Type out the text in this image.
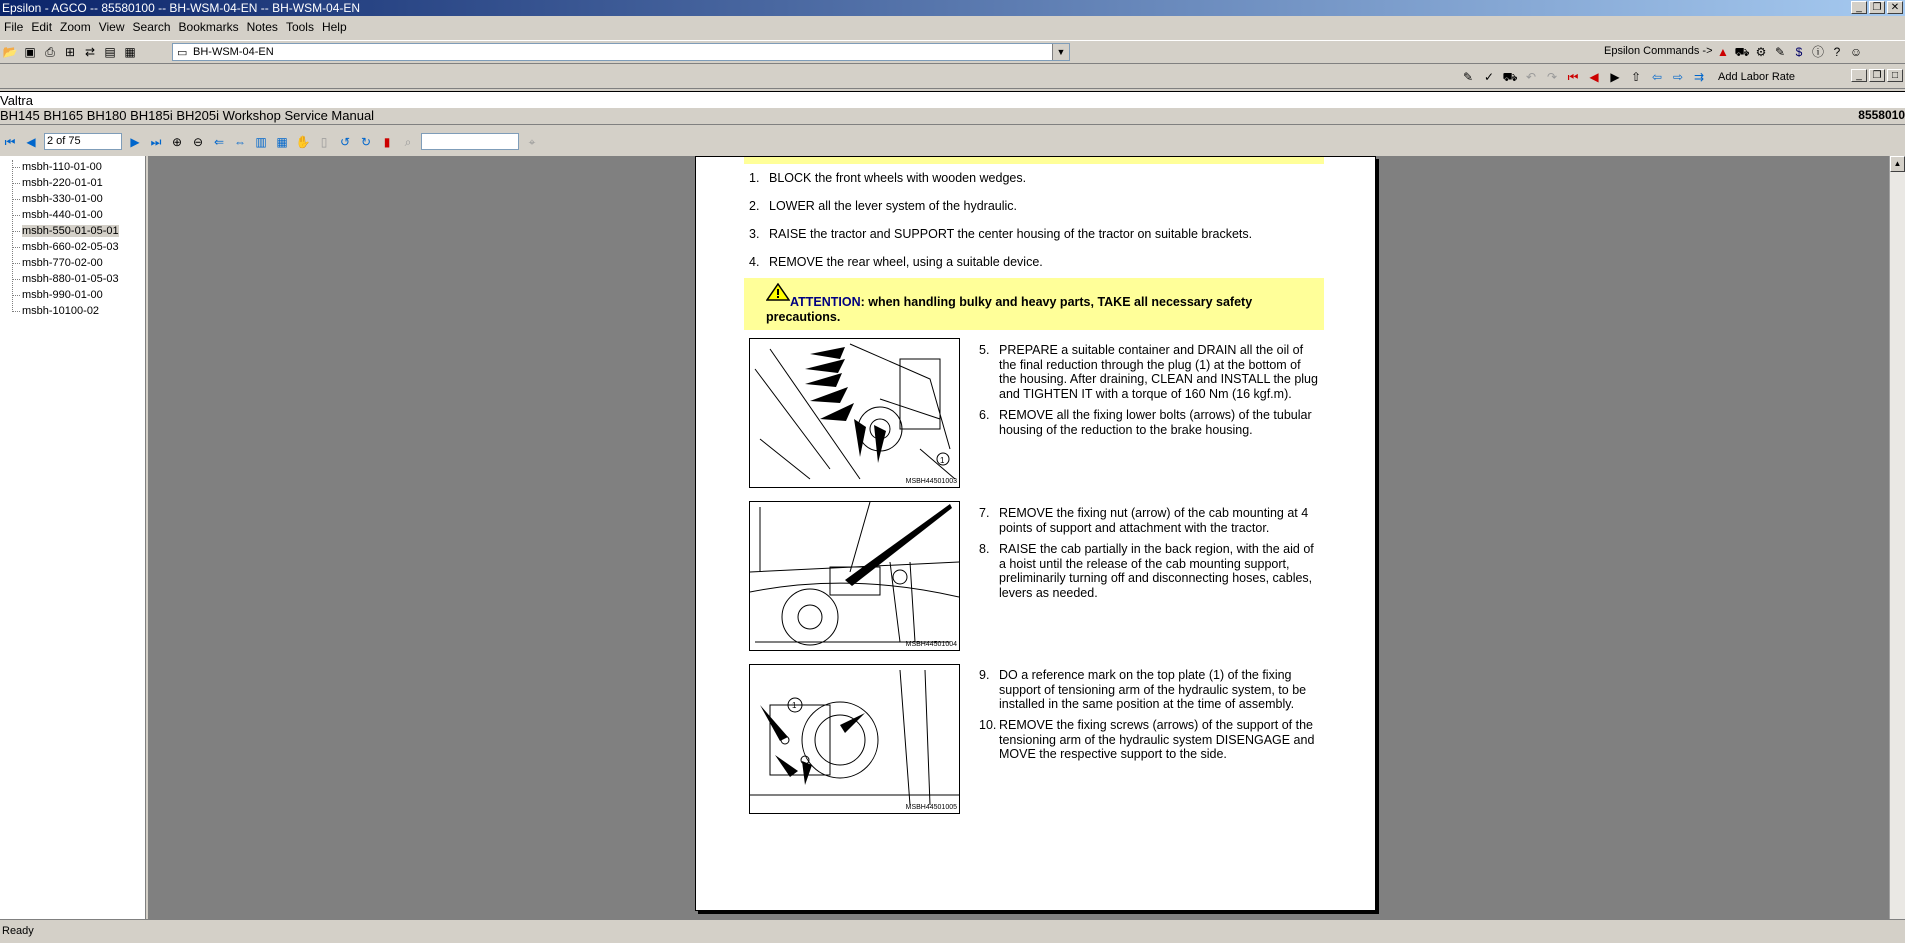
Epsilon - AGCO -- 85580100 -- BH-WSM-04-EN -- BH-WSM-04-EN	_	❐ ✕
File Edit Zoom View Search Bookmarks Notes Tools Help
📂 ▣ ⎙ ⊞ ⇄ ▤ ▦	▭ BH-WSM-04-EN	▼	Epsilon Commands -> ▲ ⛟ ⚙ ✎ $ ⓘ ? ☺
✎ ✓ ⛟ ↶ ↷ ⏮ ◀ ▶ ⇧ ⇦ ⇨ ⇉ Add Labor Rate	_	❐	□
Valtra
BH145 BH165 BH180 BH185i BH205i Workshop Service Manual	8558010
⏮ ◀	2 of 75	▶ ⏭ ⊕ ⊖ ⇐ ⇔ ▥ ▦ ✋ ▯	↺ ↻	▮	⌕	⌖
msbh-110-01-00
msbh-220-01-01
msbh-330-01-00
msbh-440-01-00
msbh-550-01-05-01
msbh-660-02-05-03
msbh-770-02-00
msbh-880-01-05-03
msbh-990-01-00
msbh-10100-02
1. BLOCK the front wheels with wooden wedges.
2. LOWER all the lever system of the hydraulic.
3. RAISE the tractor and SUPPORT the center housing of the tractor on suitable brackets.
4. REMOVE the rear wheel, using a suitable device.
ATTENTION: when handling bulky and heavy parts, TAKE all necessary safety precautions.
1
MSBH44501003
5. PREPARE a suitable container and DRAIN all the oil of the final reduction through the plug (1) at the bottom of the housing. After draining, CLEAN and INSTALL the plug and TIGHTEN IT with a torque of 160 Nm (16 kgf.m).
6. REMOVE all the fixing lower bolts (arrows) of the tubular housing of the reduction to the brake housing.
MSBH44501004
7. REMOVE the fixing nut (arrow) of the cab mounting at 4 points of support and attachment with the tractor.
8. RAISE the cab partially in the back region, with the aid of a hoist until the release of the cab mounting support, preliminarily turning off and disconnecting hoses, cables, levers as needed.
1
MSBH44501005
9. DO a reference mark on the top plate (1) of the fixing support of tensioning arm of the hydraulic system, to be installed in the same position at the time of assembly.
10. REMOVE the fixing screws (arrows) of the support of the tensioning arm of the hydraulic system DISENGAGE and MOVE the respective support to the side.
▲
Ready
